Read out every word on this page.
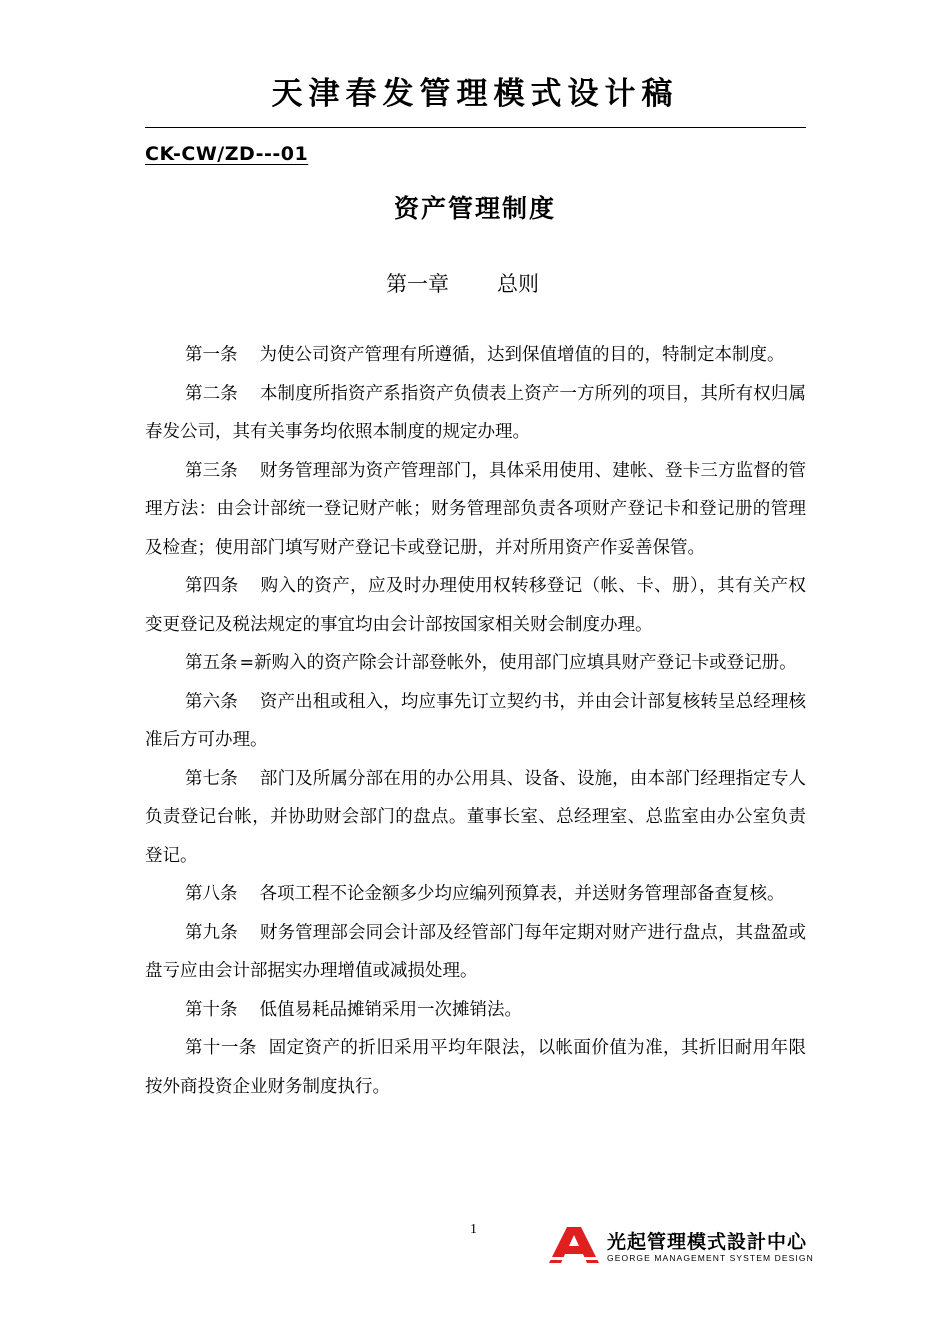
天津春发管理模式设计稿
CK-CW/ZD---01
资产管理制度
第一章 总则

第一条 为使公司资产管理有所遵循，达到保值增值的目的，特制定本制度。

第二条 本制度所指资产系指资产负债表上资产一方所列的项目，其所有权归属春发公司，其有关事务均依照本制度的规定办理。

第三条 财务管理部为资产管理部门，具体采用使用、建帐、登卡三方监督的管理方法：由会计部统一登记财产帐；财务管理部负责各项财产登记卡和登记册的管理及检查；使用部门填写财产登记卡或登记册，并对所用资产作妥善保管。

第四条 购入的资产，应及时办理使用权转移登记（帐、卡、册），其有关产权变更登记及税法规定的事宜均由会计部按国家相关财会制度办理。

第五条 =新购入的资产除会计部登帐外，使用部门应填具财产登记卡或登记册。

第六条 资产出租或租入，均应事先订立契约书，并由会计部复核转呈总经理核准后方可办理。

第七条 部门及所属分部在用的办公用具、设备、设施，由本部门经理指定专人负责登记台帐，并协助财会部门的盘点。董事长室、总经理室、总监室由办公室负责登记。

第八条 各项工程不论金额多少均应编列预算表，并送财务管理部备查复核。

第九条 财务管理部会同会计部及经管部门每年定期对财产进行盘点，其盘盈或盘亏应由会计部据实办理增值或减损处理。

第十条 低值易耗品摊销采用一次摊销法。

第十一条 固定资产的折旧采用平均年限法，以帐面价值为准，其折旧耐用年限按外商投资企业财务制度执行。

1
光起管理模式設計中心
GEORGE MANAGEMENT SYSTEM DESIGN
